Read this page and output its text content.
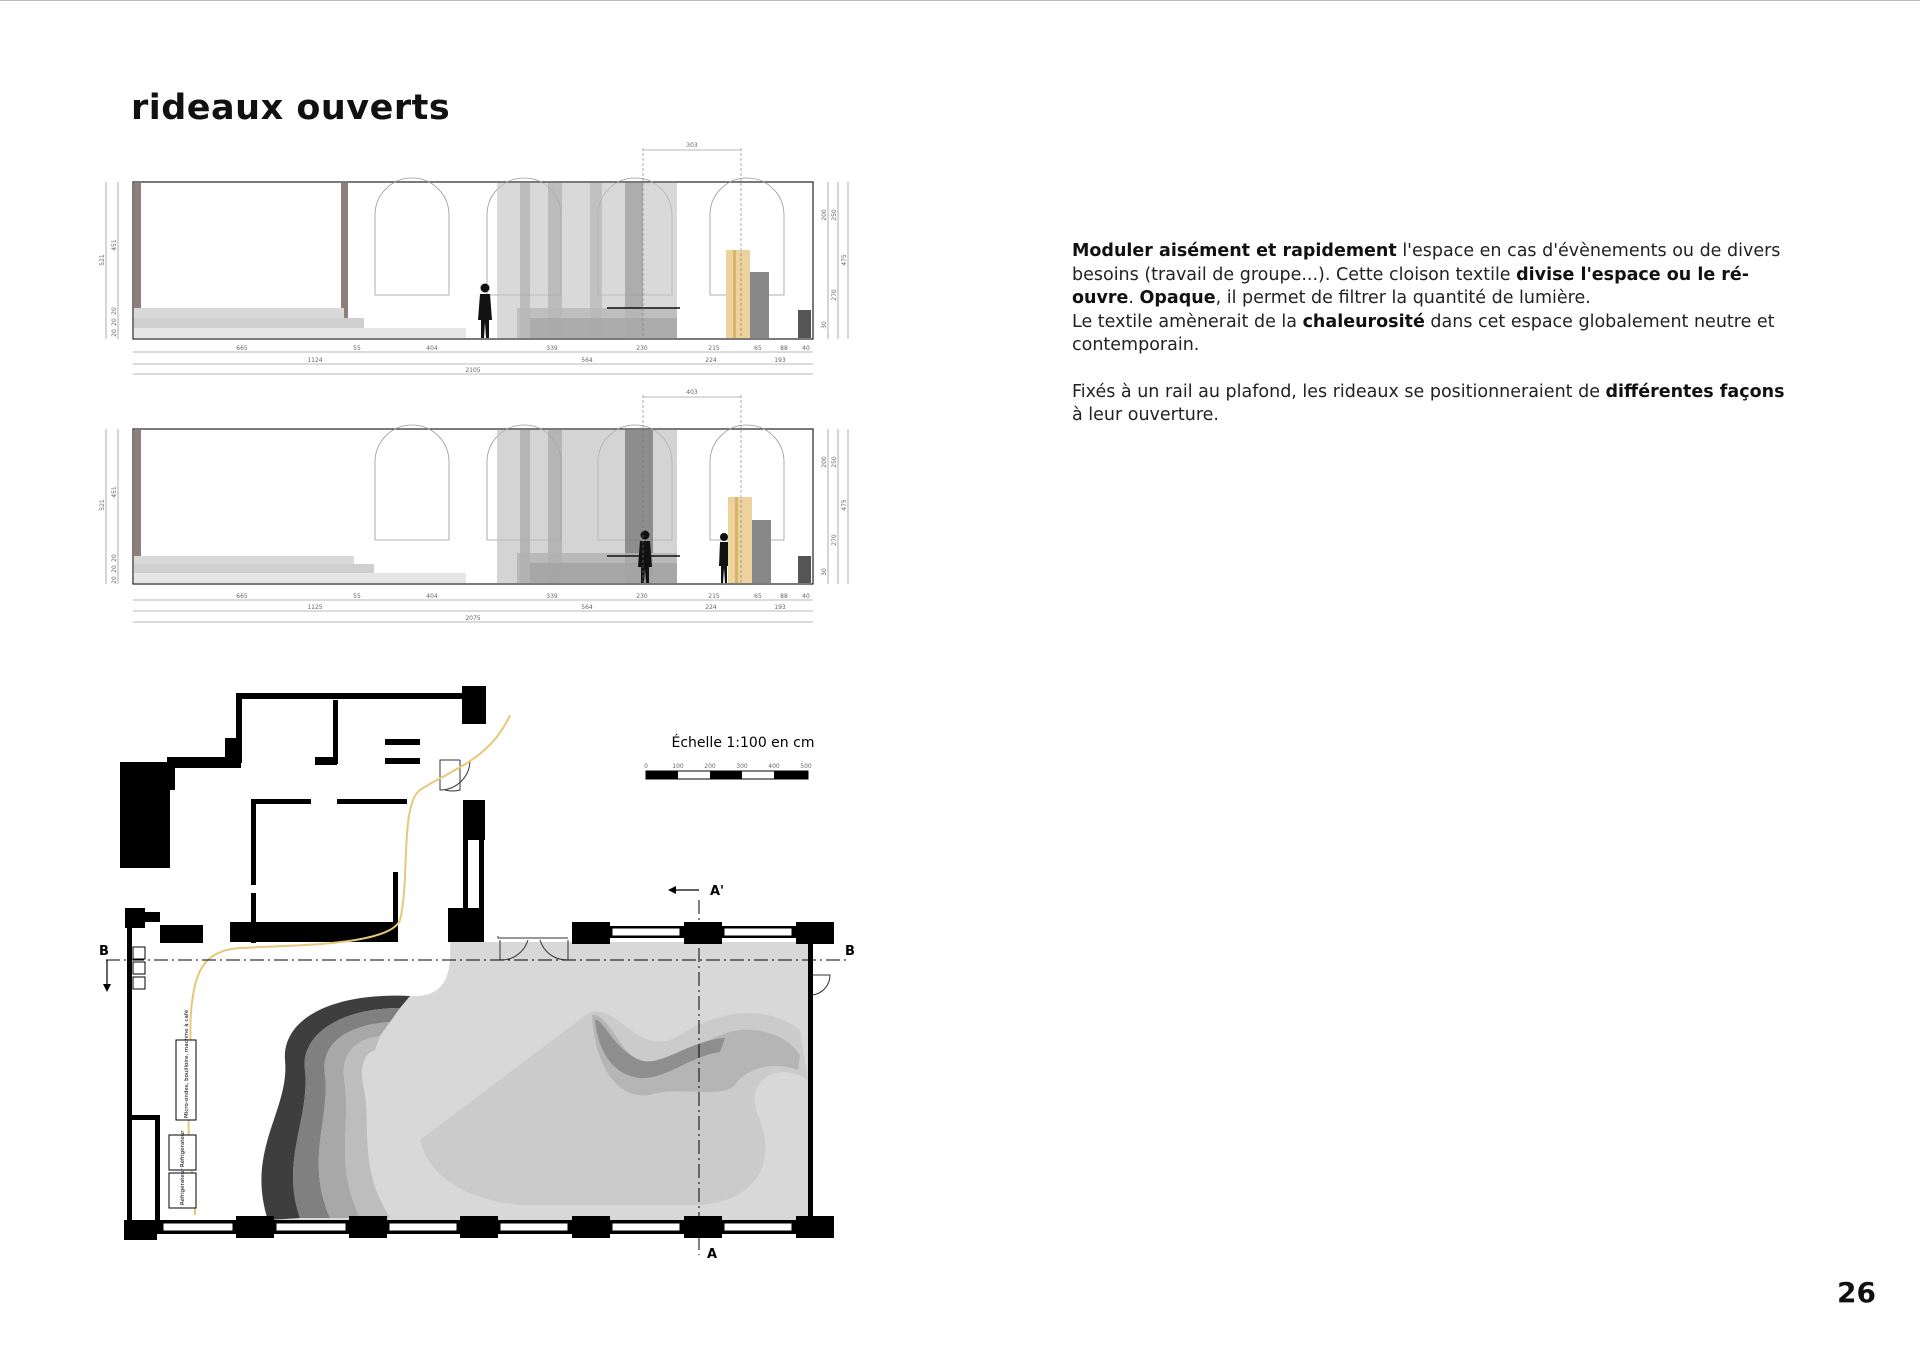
rideaux ouverts
303
665	55	404	339	230	215	65	88 40
1124	564	224	193
2105
521
451
20
20
20
200 250
475
270
30
403
665	55	404	339	230	215	65	88 40
1125	564	224	193
2075
521
451
20
20
20
200 250
475
270
30
B	B
A'
A
Micro-ondes, bouilloire, machine à café
Réfrigérateur
Réfrigérateur
Échelle 1:100 en cm
0	100	200	300	400	500

Moduler aisément et rapidement l'espace en cas d'évènements ou de divers besoins (travail de groupe...). Cette cloison textile divise l'espace ou le ré-ouvre. Opaque, il permet de filtrer la quantité de lumière.
Le textile amènerait de la chaleurosité dans cet espace globalement neutre et contemporain.

Fixés à un rail au plafond, les rideaux se positionneraient de différentes façons à leur ouverture.

26
